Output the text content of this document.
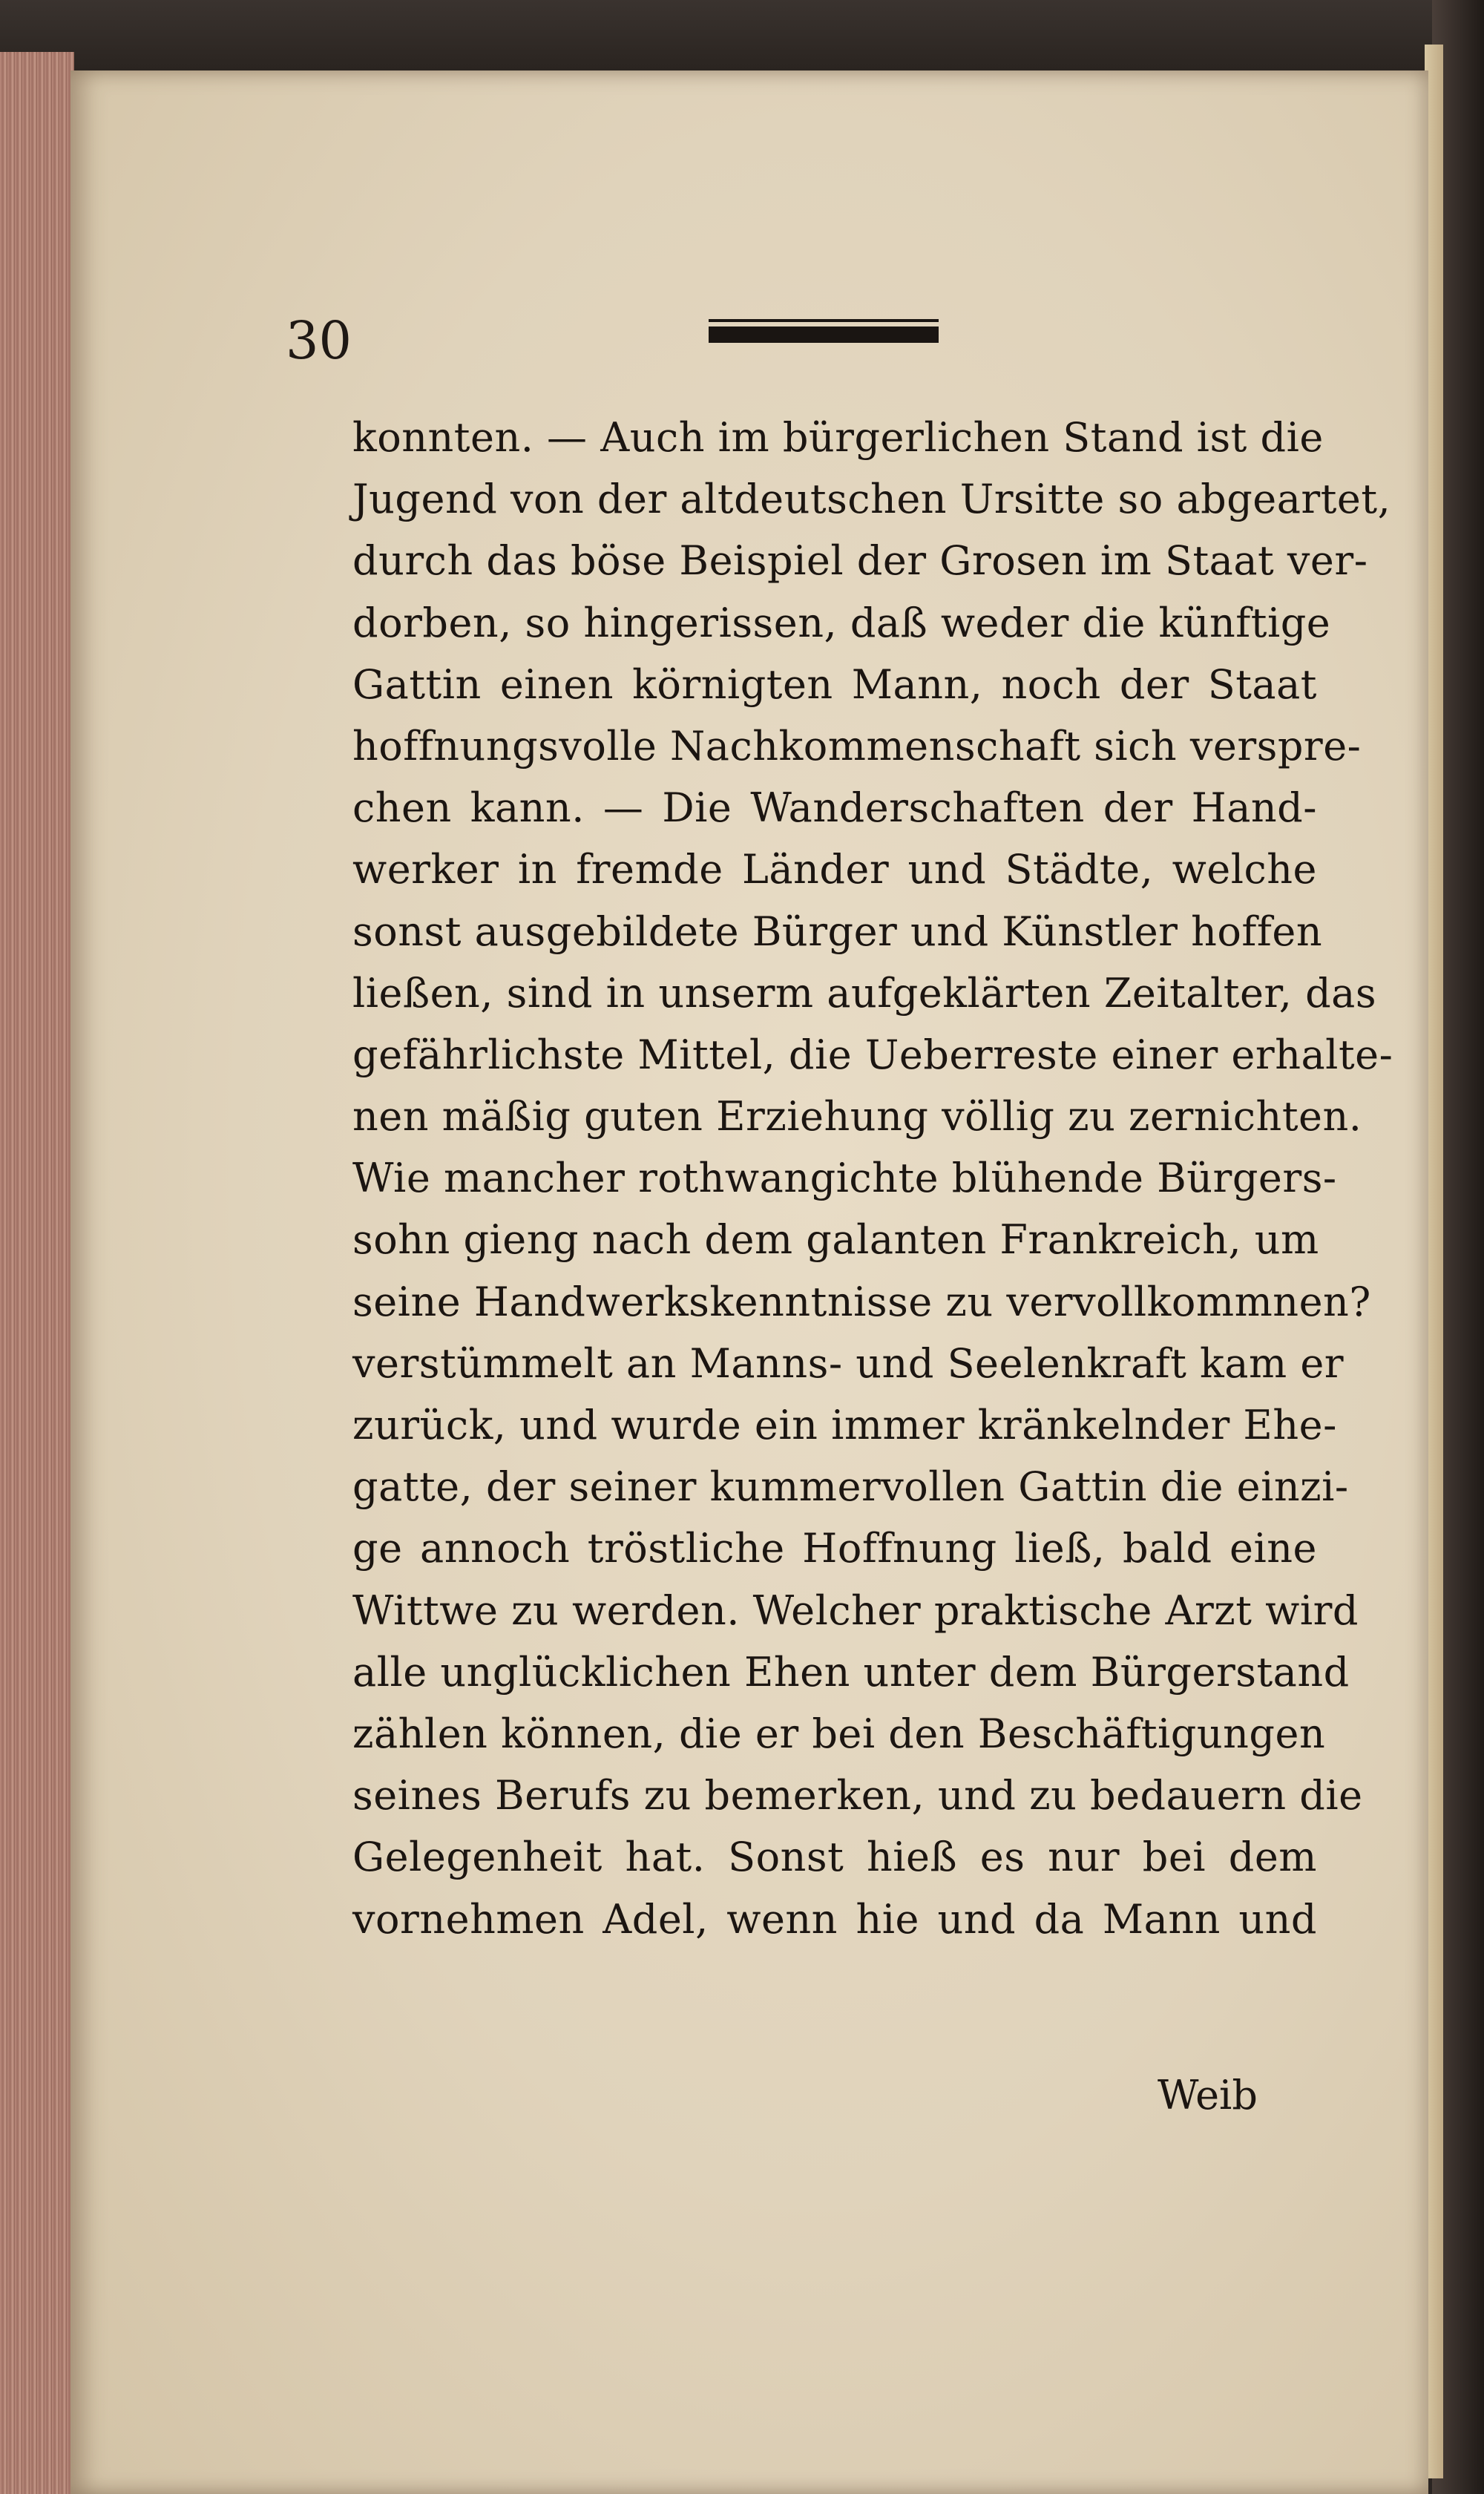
30
konnten. — Auch im bürgerlichen Stand ist die
Jugend von der altdeutschen Ursitte so abgeartet,
durch das böse Beispiel der Grosen im Staat ver-
dorben, so hingerissen, daß weder die künftige
Gattin einen körnigten Mann, noch der Staat
hoffnungsvolle Nachkommenschaft sich verspre-
chen kann. — Die Wanderschaften der Hand-
werker in fremde Länder und Städte, welche
sonst ausgebildete Bürger und Künstler hoffen
ließen, sind in unserm aufgeklärten Zeitalter, das
gefährlichste Mittel, die Ueberreste einer erhalte-
nen mäßig guten Erziehung völlig zu zernichten.
Wie mancher rothwangichte blühende Bürgers-
sohn gieng nach dem galanten Frankreich, um
seine Handwerkskenntnisse zu vervollkommnen?
verstümmelt an Manns- und Seelenkraft kam er
zurück, und wurde ein immer kränkelnder Ehe-
gatte, der seiner kummervollen Gattin die einzi-
ge annoch tröstliche Hoffnung ließ, bald eine
Wittwe zu werden. Welcher praktische Arzt wird
alle unglücklichen Ehen unter dem Bürgerstand
zählen können, die er bei den Beschäftigungen
seines Berufs zu bemerken, und zu bedauern die
Gelegenheit hat. Sonst hieß es nur bei dem
vornehmen Adel, wenn hie und da Mann und
Weib
